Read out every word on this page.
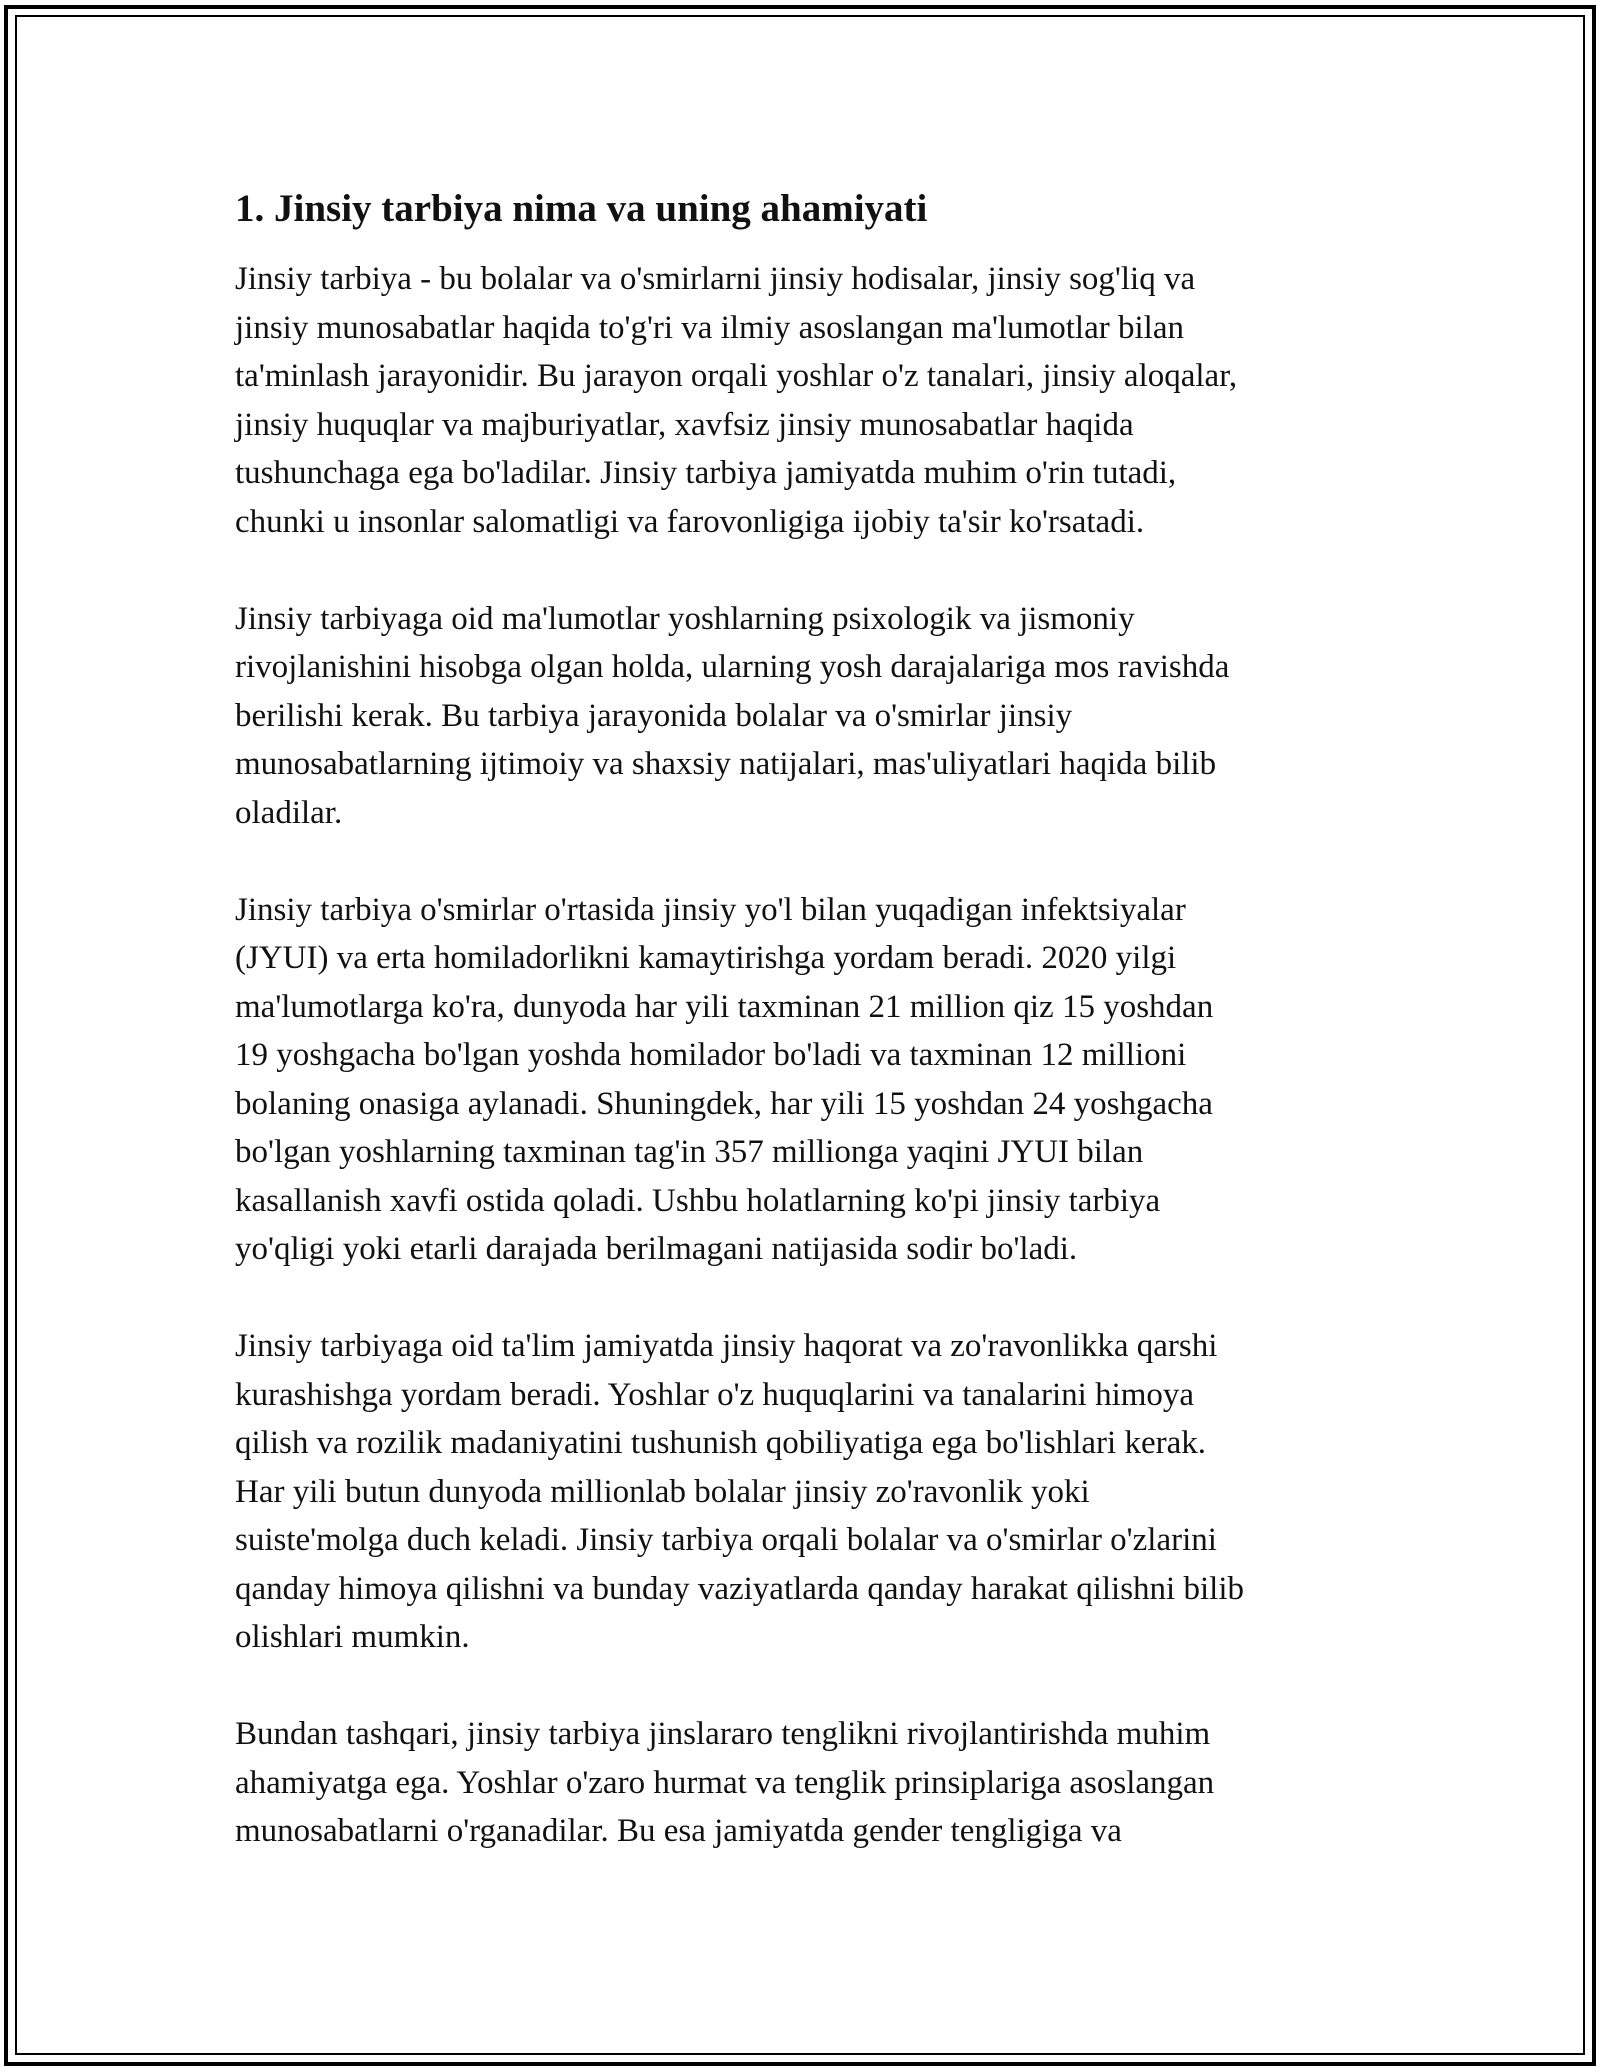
1. Jinsiy tarbiya nima va uning ahamiyati

Jinsiy tarbiya - bu bolalar va o'smirlarni jinsiy hodisalar, jinsiy sog'liq va
jinsiy munosabatlar haqida to'g'ri va ilmiy asoslangan ma'lumotlar bilan
ta'minlash jarayonidir. Bu jarayon orqali yoshlar o'z tanalari, jinsiy aloqalar,
jinsiy huquqlar va majburiyatlar, xavfsiz jinsiy munosabatlar haqida
tushunchaga ega bo'ladilar. Jinsiy tarbiya jamiyatda muhim o'rin tutadi,
chunki u insonlar salomatligi va farovonligiga ijobiy ta'sir ko'rsatadi.

Jinsiy tarbiyaga oid ma'lumotlar yoshlarning psixologik va jismoniy
rivojlanishini hisobga olgan holda, ularning yosh darajalariga mos ravishda
berilishi kerak. Bu tarbiya jarayonida bolalar va o'smirlar jinsiy
munosabatlarning ijtimoiy va shaxsiy natijalari, mas'uliyatlari haqida bilib
oladilar.

Jinsiy tarbiya o'smirlar o'rtasida jinsiy yo'l bilan yuqadigan infektsiyalar
(JYUI) va erta homiladorlikni kamaytirishga yordam beradi. 2020 yilgi
ma'lumotlarga ko'ra, dunyoda har yili taxminan 21 million qiz 15 yoshdan
19 yoshgacha bo'lgan yoshda homilador bo'ladi va taxminan 12 millioni
bolaning onasiga aylanadi. Shuningdek, har yili 15 yoshdan 24 yoshgacha
bo'lgan yoshlarning taxminan tag'in 357 millionga yaqini JYUI bilan
kasallanish xavfi ostida qoladi. Ushbu holatlarning ko'pi jinsiy tarbiya
yo'qligi yoki etarli darajada berilmagani natijasida sodir bo'ladi.

Jinsiy tarbiyaga oid ta'lim jamiyatda jinsiy haqorat va zo'ravonlikka qarshi
kurashishga yordam beradi. Yoshlar o'z huquqlarini va tanalarini himoya
qilish va rozilik madaniyatini tushunish qobiliyatiga ega bo'lishlari kerak.
Har yili butun dunyoda millionlab bolalar jinsiy zo'ravonlik yoki
suiste'molga duch keladi. Jinsiy tarbiya orqali bolalar va o'smirlar o'zlarini
qanday himoya qilishni va bunday vaziyatlarda qanday harakat qilishni bilib
olishlari mumkin.

Bundan tashqari, jinsiy tarbiya jinslararo tenglikni rivojlantirishda muhim
ahamiyatga ega. Yoshlar o'zaro hurmat va tenglik prinsiplariga asoslangan
munosabatlarni o'rganadilar. Bu esa jamiyatda gender tengligiga va
